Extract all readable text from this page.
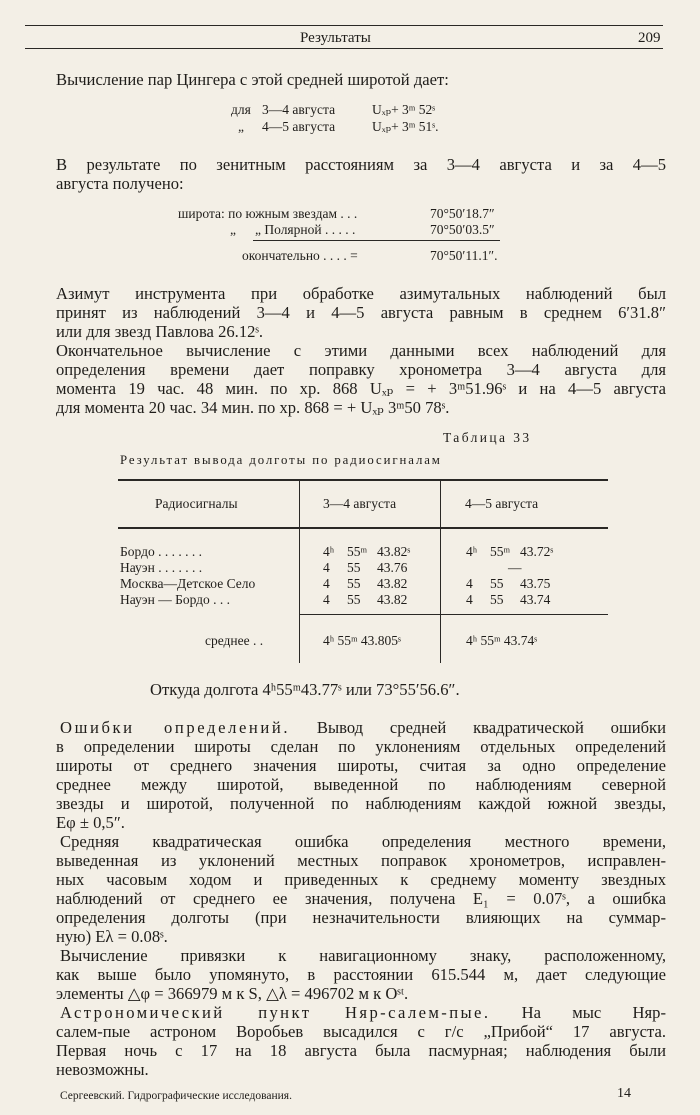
Результаты	209
Вычисление пар Цингера с этой средней широтой дает:
для 3—4 августа	Uₓₚ+ 3ᵐ 52ˢ
„ 4—5 августа	Uₓₚ+ 3ᵐ 51ˢ.
В результате по зенитным расстояниям за 3—4 августа и за 4—5
августа получено:
широта: по южным звездам . . .	70°50′18.7″
„ „ Полярной . . . . .	70°50′03.5″
окончательно . . . . =	70°50′11.1″.
Азимут инструмента при обработке азимутальных наблюдений был
принят из наблюдений 3—4 и 4—5 августа равным в среднем 6′31.8″
или для звезд Павлова 26.12ˢ.
Окончательное вычисление с этими данными всех наблюдений для
определения времени дает поправку хронометра 3—4 августа для
момента 19 час. 48 мин. по хр. 868 Uₓₚ = + 3ᵐ51.96ˢ и на 4—5 августа
для момента 20 час. 34 мин. по хр. 868 = + Uₓₚ 3ᵐ50 78ˢ.
Таблица 33
Результат вывода долготы по радиосигналам
Радиосигналы	3—4 августа	4—5 августа
Бордо . . . . . . .	4ʰ 55ᵐ 43.82ˢ	4ʰ 55ᵐ 43.72ˢ
Науэн . . . . . . .	4 55 43.76	—
Москва—Детское Село	4 55 43.82	4 55 43.75
Науэн — Бордо . . .	4 55 43.82	4 55 43.74
среднее . .	4ʰ 55ᵐ 43.805ˢ	4ʰ 55ᵐ 43.74ˢ
Откуда долгота 4ʰ55ᵐ43.77ˢ или 73°55′56.6″.
Ошибки определений. Вывод средней квадратической ошибки
в определении широты сделан по уклонениям отдельных определений
широты от среднего значения широты, считая за одно определение
среднее между широтой, выведенной по наблюдениям северной
звезды и широтой, полученной по наблюдениям каждой южной звезды,
Eφ ± 0,5″.
Средняя квадратическая ошибка определения местного времени,
выведенная из уклонений местных поправок хронометров, исправлен-
ных часовым ходом и приведенных к среднему моменту звездных
наблюдений от среднего ее значения, получена E₁ = 0.07ˢ, а ошибка
определения долготы (при незначительности влияющих на суммар-
ную) Eλ = 0.08ˢ.
Вычисление привязки к навигационному знаку, расположенному,
как выше было упомянуто, в расстоянии 615.544 м, дает следующие
элементы △φ = 366979 м к S, △λ = 496702 м к Oˢᵗ.
Астрономический пункт Няр-салем-пые. На мыс Няр-
салем-пые астроном Воробьев высадился с г/с „Прибой“ 17 августа.
Первая ночь с 17 на 18 августа была пасмурная; наблюдения были
невозможны.
Сергеевский. Гидрографические исследования.	14
